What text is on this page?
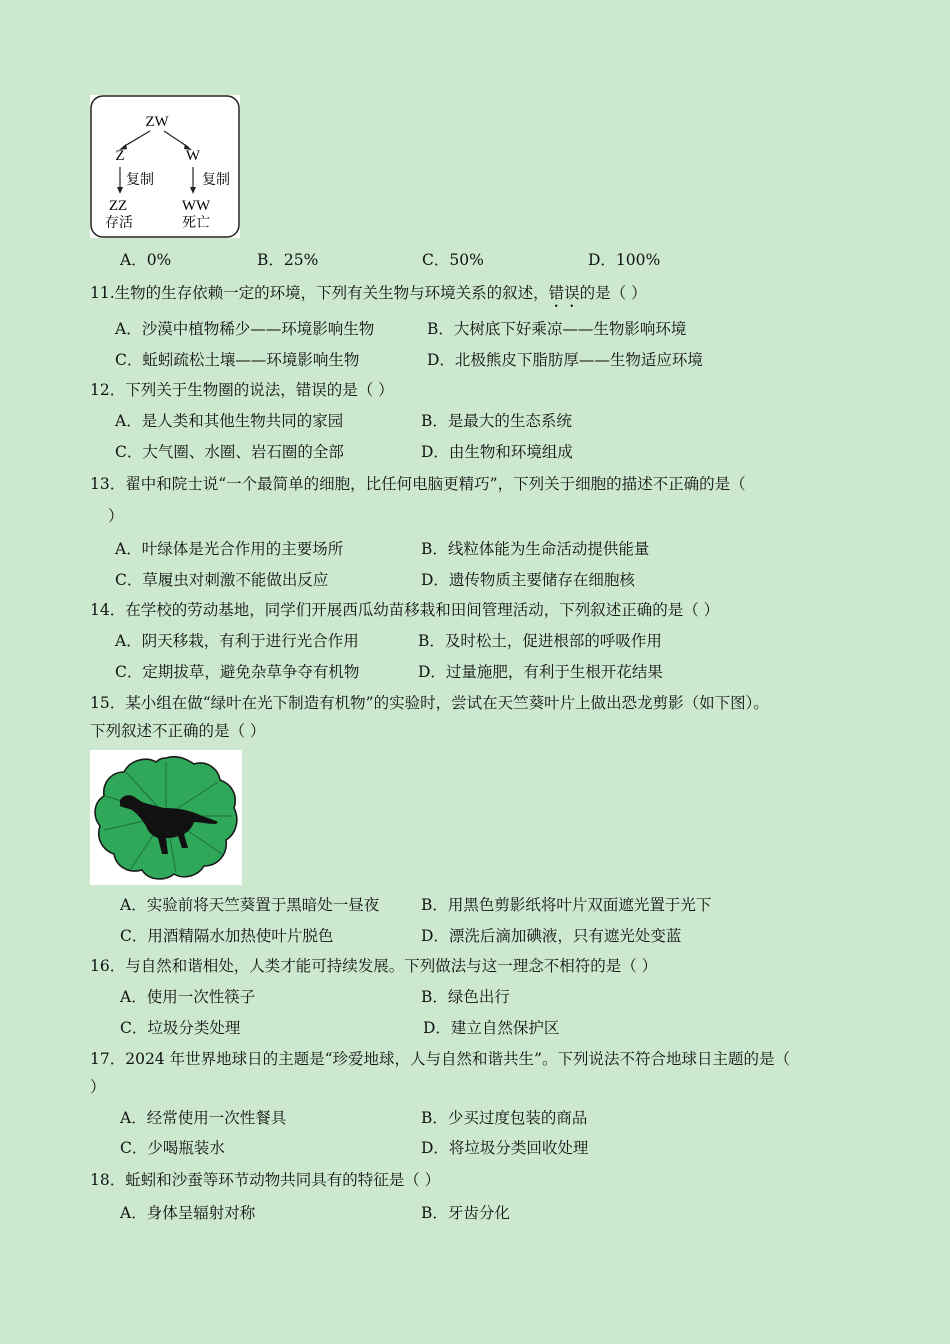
ZW
Z	W
复制	复制
ZZ	WW
存活	死亡
A．0%	B．25%	C．50%	D．100%
11.生物的生存依赖一定的环境，下列有关生物与环境关系的叙述，错误的是（ ）
A．沙漠中植物稀少——环境影响生物	B．大树底下好乘凉——生物影响环境
C．蚯蚓疏松土壤——环境影响生物	D．北极熊皮下脂肪厚——生物适应环境
12．下列关于生物圈的说法，错误的是（ ）
A．是人类和其他生物共同的家园	B．是最大的生态系统
C．大气圈、水圈、岩石圈的全部	D．由生物和环境组成
13．翟中和院士说“一个最简单的细胞，比任何电脑更精巧”，下列关于细胞的描述不正确的是（
）
A．叶绿体是光合作用的主要场所	B．线粒体能为生命活动提供能量
C．草履虫对刺激不能做出反应	D．遗传物质主要储存在细胞核
14．在学校的劳动基地，同学们开展西瓜幼苗移栽和田间管理活动，下列叙述正确的是（ ）
A．阴天移栽，有利于进行光合作用	B．及时松土，促进根部的呼吸作用
C．定期拔草，避免杂草争夺有机物	D．过量施肥，有利于生根开花结果
15．某小组在做“绿叶在光下制造有机物”的实验时，尝试在天竺葵叶片上做出恐龙剪影（如下图）。
下列叙述不正确的是（ ）
A．实验前将天竺葵置于黑暗处一昼夜	B．用黑色剪影纸将叶片双面遮光置于光下
C．用酒精隔水加热使叶片脱色	D．漂洗后滴加碘液，只有遮光处变蓝
16．与自然和谐相处，人类才能可持续发展。下列做法与这一理念不相符的是（ ）
A．使用一次性筷子	B．绿色出行
C．垃圾分类处理	D．建立自然保护区
17．2024 年世界地球日的主题是“珍爱地球，人与自然和谐共生”。下列说法不符合地球日主题的是（
）
A．经常使用一次性餐具	B．少买过度包装的商品
C．少喝瓶装水	D．将垃圾分类回收处理
18．蚯蚓和沙蚕等环节动物共同具有的特征是（ ）
A．身体呈辐射对称	B．牙齿分化
